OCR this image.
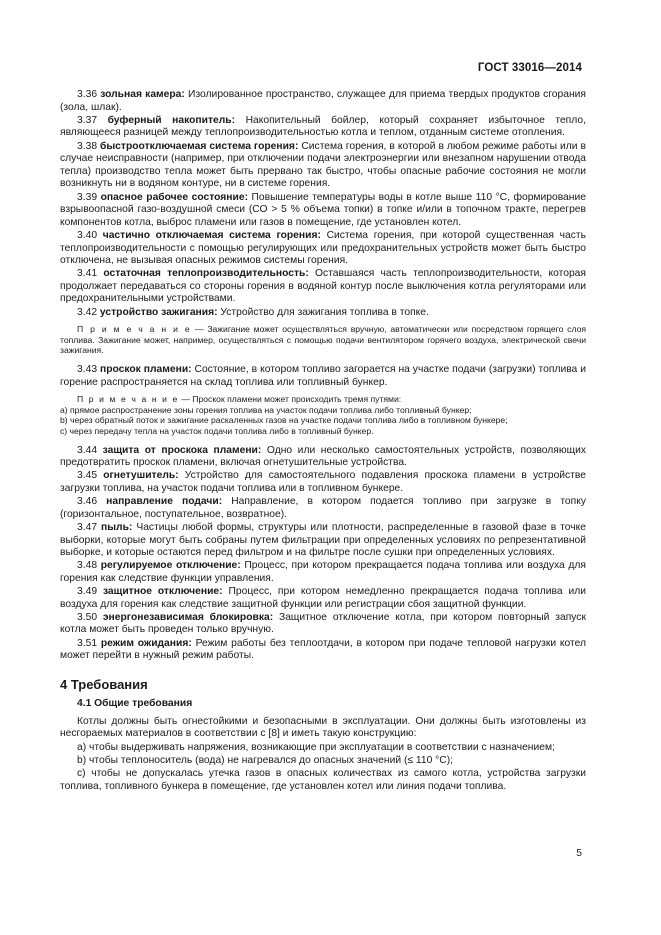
ГОСТ 33016—2014

3.36 зольная камера: Изолированное пространство, служащее для приема твердых продуктов сгорания (зола, шлак).

3.37 буферный накопитель: Накопительный бойлер, который сохраняет избыточное тепло, являющееся разницей между теплопроизводительностью котла и теплом, отданным системе отопления.

3.38 быстроотключаемая система горения: Система горения, в которой в любом режиме работы или в случае неисправности (например, при отключении подачи электроэнергии или внезапном нарушении отвода тепла) производство тепла может быть прервано так быстро, чтобы опасные рабочие состояния не могли возникнуть ни в водяном контуре, ни в системе горения.

3.39 опасное рабочее состояние: Повышение температуры воды в котле выше 110 °С, формирование взрывоопасной газо-воздушной смеси (СО > 5 % объема топки) в топке и/или в топочном тракте, перегрев компонентов котла, выброс пламени или газов в помещение, где установлен котел.

3.40 частично отключаемая система горения: Система горения, при которой существенная часть теплопроизводительности с помощью регулирующих или предохранительных устройств может быть быстро отключена, не вызывая опасных режимов системы горения.

3.41 остаточная теплопроизводительность: Оставшаяся часть теплопроизводительности, которая продолжает передаваться со стороны горения в водяной контур после выключения котла регуляторами или предохранительными устройствами.

3.42 устройство зажигания: Устройство для зажигания топлива в топке.

П р и м е ч а н и е — Зажигание может осуществляться вручную, автоматически или посредством горящего слоя топлива. Зажигание может, например, осуществляться с помощью подачи вентилятором горячего воздуха, электрической свечи зажигания.

3.43 проскок пламени: Состояние, в котором топливо загорается на участке подачи (загрузки) топлива и горение распространяется на склад топлива или топливный бункер.

П р и м е ч а н и е — Проскок пламени может происходить тремя путями:
а) прямое распространение зоны горения топлива на участок подачи топлива либо топливный бункер;
b) через обратный поток и зажигание раскаленных газов на участке подачи топлива либо в топливном бункере;
с) через передачу тепла на участок подачи топлива либо в топливный бункер.

3.44 защита от проскока пламени: Одно или несколько самостоятельных устройств, позволяющих предотвратить проскок пламени, включая огнетушительные устройства.

3.45 огнетушитель: Устройство для самостоятельного подавления проскока пламени в устройстве загрузки топлива, на участок подачи топлива или в топливном бункере.

3.46 направление подачи: Направление, в котором подается топливо при загрузке в топку (горизонтальное, поступательное, возвратное).

3.47 пыль: Частицы любой формы, структуры или плотности, распределенные в газовой фазе в точке выборки, которые могут быть собраны путем фильтрации при определенных условиях по репрезентативной выборке, и которые остаются перед фильтром и на фильтре после сушки при определенных условиях.

3.48 регулируемое отключение: Процесс, при котором прекращается подача топлива или воздуха для горения как следствие функции управления.

3.49 защитное отключение: Процесс, при котором немедленно прекращается подача топлива или воздуха для горения как следствие защитной функции или регистрации сбоя защитной функции.

3.50 энергонезависимая блокировка: Защитное отключение котла, при котором повторный запуск котла может быть проведен только вручную.

3.51 режим ожидания: Режим работы без теплоотдачи, в котором при подаче тепловой нагрузки котел может перейти в нужный режим работы.

4 Требования
4.1 Общие требования

Котлы должны быть огнестойкими и безопасными в эксплуатации. Они должны быть изготовлены из несгораемых материалов в соответствии с [8] и иметь такую конструкцию:

а) чтобы выдерживать напряжения, возникающие при эксплуатации в соответствии с назначением;

b) чтобы теплоноситель (вода) не нагревался до опасных значений (≤ 110 °С);

с) чтобы не допускалась утечка газов в опасных количествах из самого котла, устройства загрузки топлива, топливного бункера в помещение, где установлен котел или линия подачи топлива.

5
